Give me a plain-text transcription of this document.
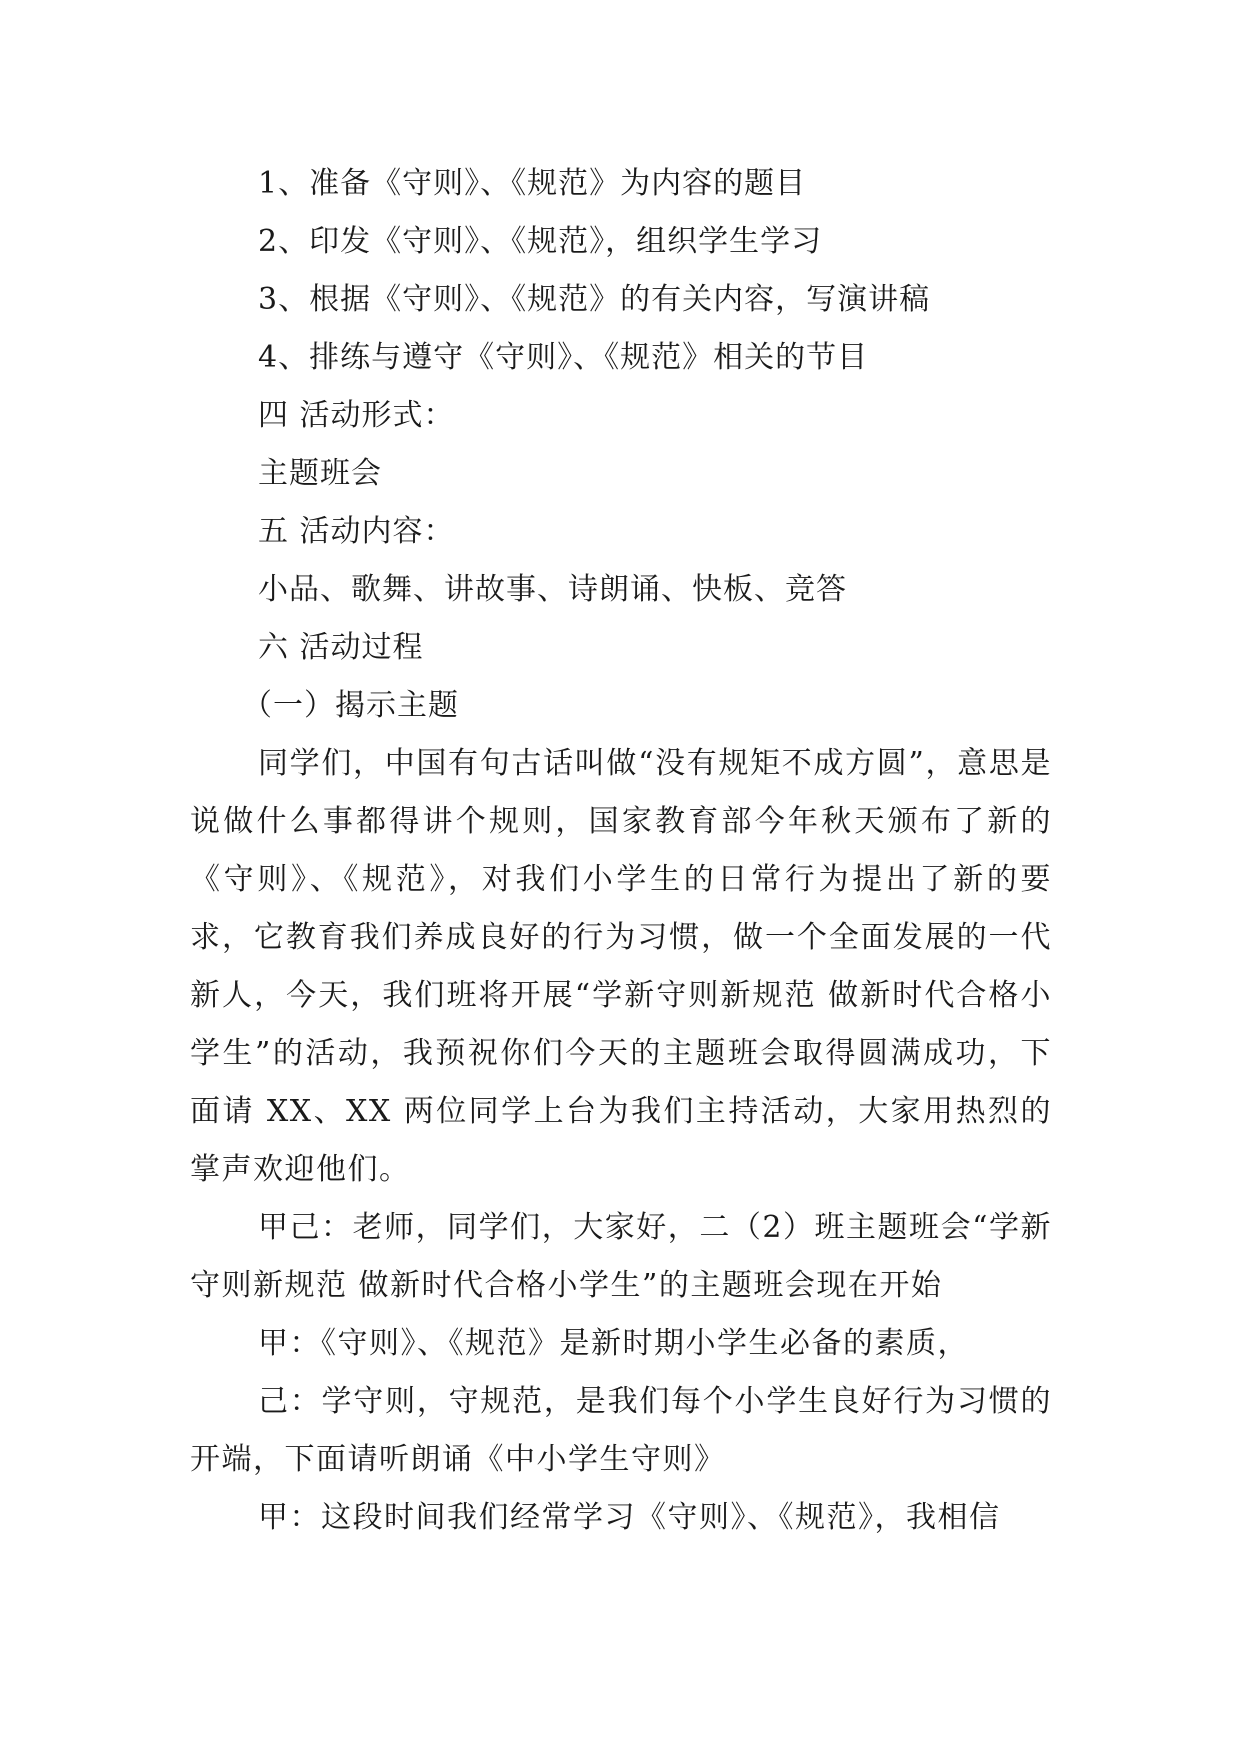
1、准备《守则》、《规范》为内容的题目
2、印发《守则》、《规范》，组织学生学习
3、根据《守则》、《规范》的有关内容，写演讲稿
4、排练与遵守《守则》、《规范》相关的节目
四 活动形式：
主题班会
五 活动内容：
小品、歌舞、讲故事、诗朗诵、快板、竞答
六 活动过程
（一）揭示主题

同学们，中国有句古话叫做“没有规矩不成方圆”，意思是说做什么事都得讲个规则，国家教育部今年秋天颁布了新的《守则》、《规范》，对我们小学生的日常行为提出了新的要求，它教育我们养成良好的行为习惯，做一个全面发展的一代新人，今天，我们班将开展“学新守则新规范 做新时代合格小学生”的活动，我预祝你们今天的主题班会取得圆满成功，下面请 XX、XX 两位同学上台为我们主持活动，大家用热烈的掌声欢迎他们。

甲己：老师，同学们，大家好，二（2）班主题班会“学新守则新规范 做新时代合格小学生”的主题班会现在开始

甲：《守则》、《规范》是新时期小学生必备的素质，

己：学守则，守规范，是我们每个小学生良好行为习惯的开端，下面请听朗诵《中小学生守则》

甲：这段时间我们经常学习《守则》、《规范》，我相信
